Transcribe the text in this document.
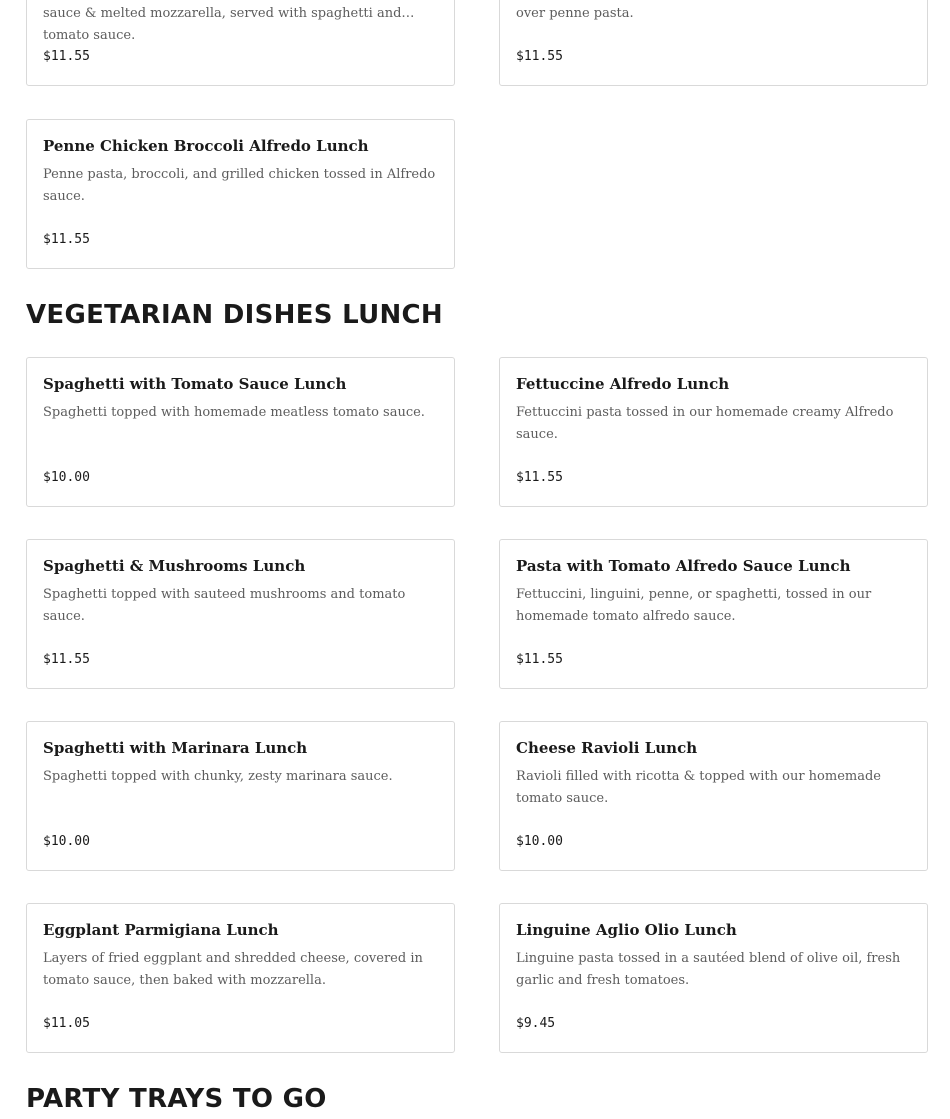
sauce & melted mozzarella, served with spaghetti and tomato sauce.

$11.55

over penne pasta.

$11.55

Penne Chicken Broccoli Alfredo Lunch

Penne pasta, broccoli, and grilled chicken tossed in Alfredo sauce.

$11.55

VEGETARIAN DISHES LUNCH

Spaghetti with Tomato Sauce Lunch

Spaghetti topped with homemade meatless tomato sauce.

$10.00

Fettuccine Alfredo Lunch

Fettuccini pasta tossed in our homemade creamy Alfredo sauce.

$11.55

Spaghetti & Mushrooms Lunch

Spaghetti topped with sauteed mushrooms and tomato sauce.

$11.55

Pasta with Tomato Alfredo Sauce Lunch

Fettuccini, linguini, penne, or spaghetti, tossed in our homemade tomato alfredo sauce.

$11.55

Spaghetti with Marinara Lunch

Spaghetti topped with chunky, zesty marinara sauce.

$10.00

Cheese Ravioli Lunch

Ravioli filled with ricotta & topped with our homemade tomato sauce.

$10.00

Eggplant Parmigiana Lunch

Layers of fried eggplant and shredded cheese, covered in tomato sauce, then baked with mozzarella.

$11.05

Linguine Aglio Olio Lunch

Linguine pasta tossed in a sautéed blend of olive oil, fresh garlic and fresh tomatoes.

$9.45

PARTY TRAYS TO GO
